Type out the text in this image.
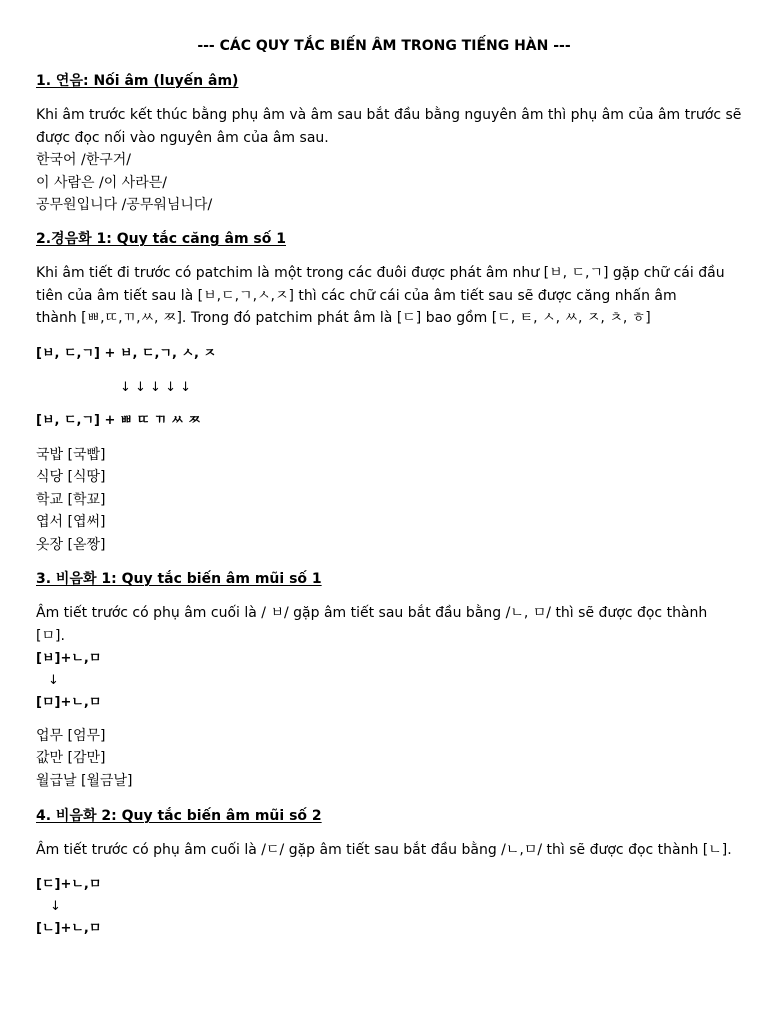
--- CÁC QUY TẮC BIẾN ÂM TRONG TIẾNG HÀN ---

1. 연음: Nối âm (luyến âm)

Khi âm trước kết thúc bằng phụ âm và âm sau bắt đầu bằng nguyên âm thì phụ âm của âm trước sẽ

được đọc nối vào nguyên âm của âm sau.

한국어 /한구거/

이 사람은 /이 사라믄/

공무원입니다 /공무워님니다/

2.경음화 1: Quy tắc căng âm số 1

Khi âm tiết đi trước có patchim là một trong các đuôi được phát âm như [ㅂ, ㄷ,ㄱ] gặp chữ cái đầu

tiên của âm tiết sau là [ㅂ,ㄷ,ㄱ,ㅅ,ㅈ] thì các chữ cái của âm tiết sau sẽ được căng nhấn âm

thành [ㅃ,ㄸ,ㄲ,ㅆ, ㅉ]. Trong đó patchim phát âm là [ㄷ] bao gồm [ㄷ, ㅌ, ㅅ, ㅆ, ㅈ, ㅊ, ㅎ]

[ㅂ, ㄷ,ㄱ] + ㅂ, ㄷ,ㄱ, ㅅ, ㅈ

↓ ↓ ↓ ↓ ↓

[ㅂ, ㄷ,ㄱ] + ㅃ ㄸ ㄲ ㅆ ㅉ

국밥 [국빱]

식당 [식땅]

학교 [학꾜]

엽서 [엽써]

옷장 [옫짱]

3. 비음화 1: Quy tắc biến âm mũi số 1

Âm tiết trước có phụ âm cuối là / ㅂ/ gặp âm tiết sau bắt đầu bằng /ㄴ, ㅁ/ thì sẽ được đọc thành

[ㅁ].

[ㅂ]+ㄴ,ㅁ

↓

[ㅁ]+ㄴ,ㅁ

업무 [엄무]

값만 [감만]

월급날 [월금날]

4. 비음화 2: Quy tắc biến âm mũi số 2

Âm tiết trước có phụ âm cuối là /ㄷ/ gặp âm tiết sau bắt đầu bằng /ㄴ,ㅁ/ thì sẽ được đọc thành [ㄴ].

[ㄷ]+ㄴ,ㅁ

↓

[ㄴ]+ㄴ,ㅁ
